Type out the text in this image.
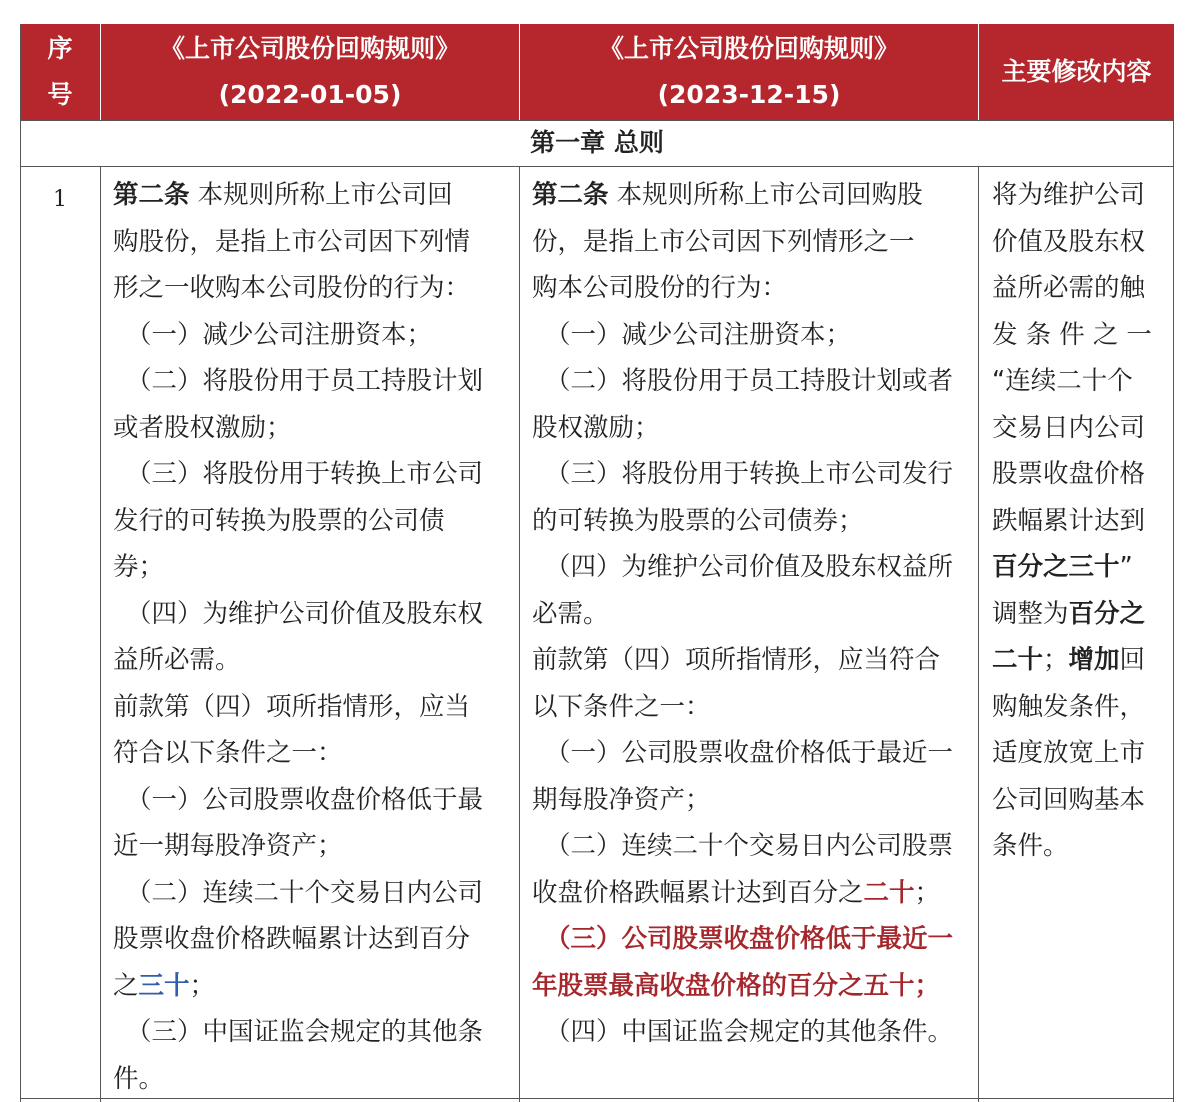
序
号
《上市公司股份回购规则》
(2022-01-05)
《上市公司股份回购规则》
(2023-12-15)
主要修改内容
第一章 总则
1	第二条 本规则所称上市公司回

购股份，是指上市公司因下列情

形之一收购本公司股份的行为：

（一）减少公司注册资本；

（二）将股份用于员工持股计划

或者股权激励；

（三）将股份用于转换上市公司

发行的可转换为股票的公司债

券；

（四）为维护公司价值及股东权

益所必需。

前款第（四）项所指情形，应当

符合以下条件之一：

（一）公司股票收盘价格低于最

近一期每股净资产；

（二）连续二十个交易日内公司

股票收盘价格跌幅累计达到百分

之三十；

（三）中国证监会规定的其他条

件。

第二条 本规则所称上市公司回购股

份，是指上市公司因下列情形之一

购本公司股份的行为：

（一）减少公司注册资本；

（二）将股份用于员工持股计划或者

股权激励；

（三）将股份用于转换上市公司发行

的可转换为股票的公司债券；

（四）为维护公司价值及股东权益所

必需。

前款第（四）项所指情形，应当符合

以下条件之一：

（一）公司股票收盘价格低于最近一

期每股净资产；

（二）连续二十个交易日内公司股票

收盘价格跌幅累计达到百分之二十；

（三）公司股票收盘价格低于最近一

年股票最高收盘价格的百分之五十；

（四）中国证监会规定的其他条件。

将为维护公司

价值及股东权

益所必需的触

发 条 件 之 一

“连续二十个

交易日内公司

股票收盘价格

跌幅累计达到

百分之三十”

调整为百分之

二十；增加回

购触发条件，

适度放宽上市

公司回购基本

条件。
